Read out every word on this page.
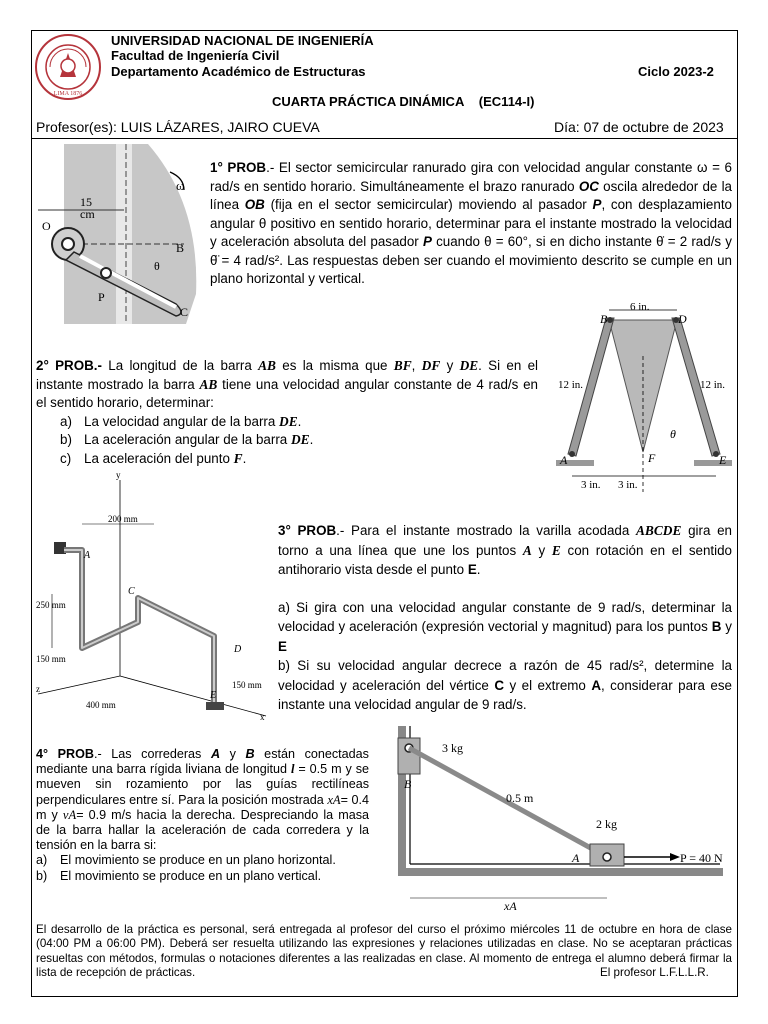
LIMA 1876
UNIVERSIDAD NACIONAL DE INGENIERÍA
Facultad de Ingeniería Civil
Departamento Académico de Estructuras	Ciclo 2023-2
CUARTA PRÁCTICA DINÁMICA (EC114-I)
Profesor(es): LUIS LÁZARES, JAIRO CUEVA	Día: 07 de octubre de 2023
15
cm
ω
θ
O
B
P
C
1° PROB.- El sector semicircular ranurado gira con velocidad angular constante ω = 6 rad/s en sentido horario. Simultáneamente el brazo ranurado OC oscila alrededor de la línea OB (fija en el sector semicircular) moviendo al pasador P, con desplazamiento angular θ positivo en sentido horario, determinar para el instante mostrado la velocidad y aceleración absoluta del pasador P cuando θ = 60°, si en dicho instante θ̇ = 2 rad/s y θ̈ = 4 rad/s². Las respuestas deben ser cuando el movimiento descrito se cumple en un plano horizontal y vertical.
6 in.
12 in.	12 in.
3 in. 3 in.
A
B	D
E
F
θ
2° PROB.- La longitud de la barra AB es la misma que BF, DF y DE. Si en el instante mostrado la barra AB tiene una velocidad angular constante de 4 rad/s en el sentido horario, determinar:
a) La velocidad angular de la barra DE.
b) La aceleración angular de la barra DE.
c) La aceleración del punto F.
y
z
x
200 mm
250 mm
150 mm
400 mm
150 mm
A
C
D
E
3° PROB.- Para el instante mostrado la varilla acodada ABCDE gira en torno a una línea que une los puntos A y E con rotación en el sentido antihorario vista desde el punto E.
a) Si gira con una velocidad angular constante de 9 rad/s, determinar la velocidad y aceleración (expresión vectorial y magnitud) para los puntos B y E
b) Si su velocidad angular decrece a razón de 45 rad/s², determine la velocidad y aceleración del vértice C y el extremo A, considerar para ese instante una velocidad angular de 9 rad/s.
4° PROB.- Las correderas A y B están conectadas mediante una barra rígida liviana de longitud l = 0.5 m y se mueven sin rozamiento por las guías rectilíneas perpendiculares entre sí. Para la posición mostrada xA= 0.4 m y vA= 0.9 m/s hacia la derecha. Despreciando la masa de la barra hallar la aceleración de cada corredera y la tensión en la barra si:
a)	El movimiento se produce en un plano horizontal.
b)	El movimiento se produce en un plano vertical.
3 kg
2 kg
0.5 m
P = 40 N
A
B
xA
El desarrollo de la práctica es personal, será entregada al profesor del curso el próximo miércoles 11 de octubre en hora de clase (04:00 PM a 06:00 PM). Deberá ser resuelta utilizando las expresiones y relaciones utilizadas en clase. No se aceptaran prácticas resueltas con métodos, formulas o notaciones diferentes a las realizadas en clase. Al momento de entrega el alumno deberá firmar la lista de recepción de prácticas.	El profesor L.F.L.L.R.
